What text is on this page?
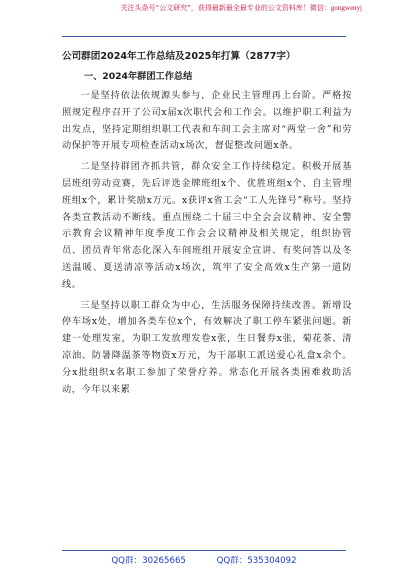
关注头条号“公文研究”，获得最新最全最专业的公文资料库！微信：gongwenyj
公司群团2024年工作总结及2025年打算（2877字）
一、2024年群团工作总结

一是坚持依法依规源头参与，企业民主管理再上台阶。严格按照规定程序召开了公司x届x次职代会和工作会。以维护职工利益为出发点，坚持定期组织职工代表和车间工会主席对“两堂一舍”和劳动保护等开展专项检查活动x场次，督促整改问题x条。

二是坚持群团齐抓共管，群众安全工作持续稳定。积极开展基层班组劳动竞赛，先后评选金牌班组x个、优胜班组x个、自主管理班组x个，累计奖励x万元。x获评x省工会“工人先锋号”称号。坚持各类宣教活动不断线。重点围绕二十届三中全会会议精神、安全警示教育会议精神年度季度工作会会议精神及相关规定，组织协管员、团员青年常态化深入车间班组开展安全宣讲、有奖问答以及冬送温暖、夏送清凉等活动x场次，筑牢了安全高效x生产第一道防线。

三是坚持以职工群众为中心，生活服务保障持续改善。新增设停车场x处，增加各类车位x个，有效解决了职工停车紧张问题。新建一处理发室，为职工发放理发卷x张，生日餐券x张，菊花茶、清凉油、防暑降温茶等物资x万元，为干部职工派送爱心礼盒x余个。分x批组织x名职工参加了荣誉疗养。常态化开展各类困难救助活动，今年以来累

QQ群：30265665	QQ群：535304092
